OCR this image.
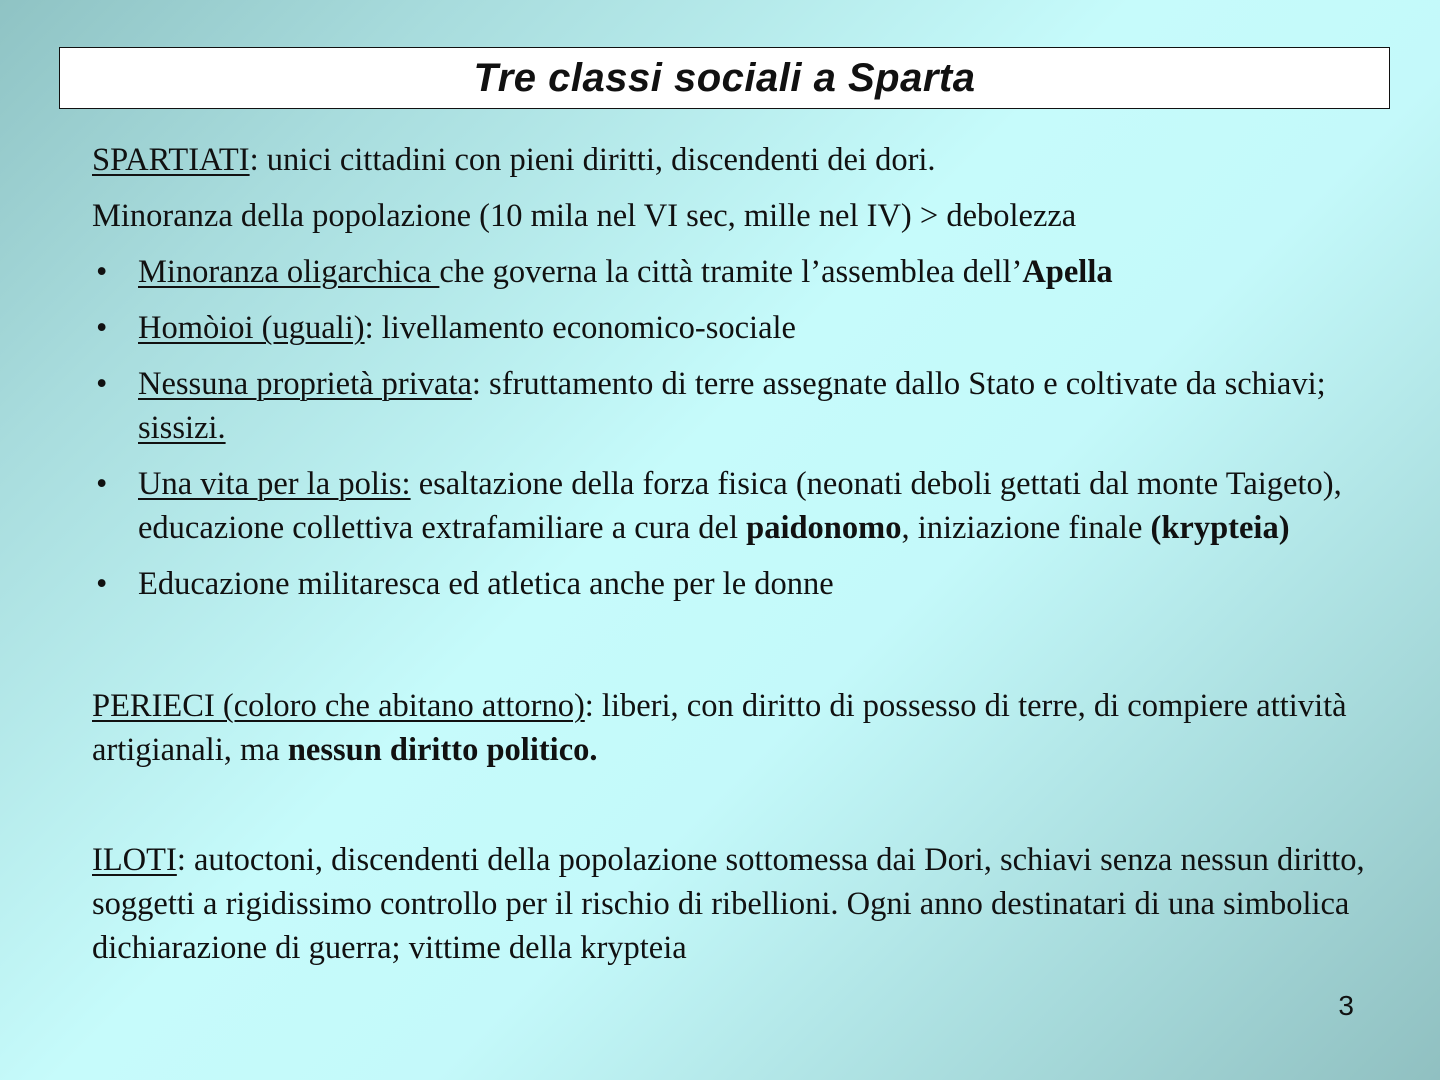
Tre classi sociali a Sparta

SPARTIATI: unici cittadini con pieni diritti, discendenti dei dori.

Minoranza della popolazione (10 mila nel VI sec, mille nel IV) > debolezza

• Minoranza oligarchica che governa la città tramite l’assemblea dell’Apella
• Homòioi (uguali): livellamento economico-sociale
• Nessuna proprietà privata: sfruttamento di terre assegnate dallo Stato e coltivate da schiavi; sissizi.
• Una vita per la polis: esaltazione della forza fisica (neonati deboli gettati dal monte Taigeto), educazione collettiva extrafamiliare a cura del paidonomo, iniziazione finale (krypteia)
• Educazione militaresca ed atletica anche per le donne

PERIECI (coloro che abitano attorno): liberi, con diritto di possesso di terre, di compiere attività artigianali, ma nessun diritto politico.

ILOTI: autoctoni, discendenti della popolazione sottomessa dai Dori, schiavi senza nessun diritto, soggetti a rigidissimo controllo per il rischio di ribellioni. Ogni anno destinatari di una simbolica dichiarazione di guerra; vittime della krypteia

3
